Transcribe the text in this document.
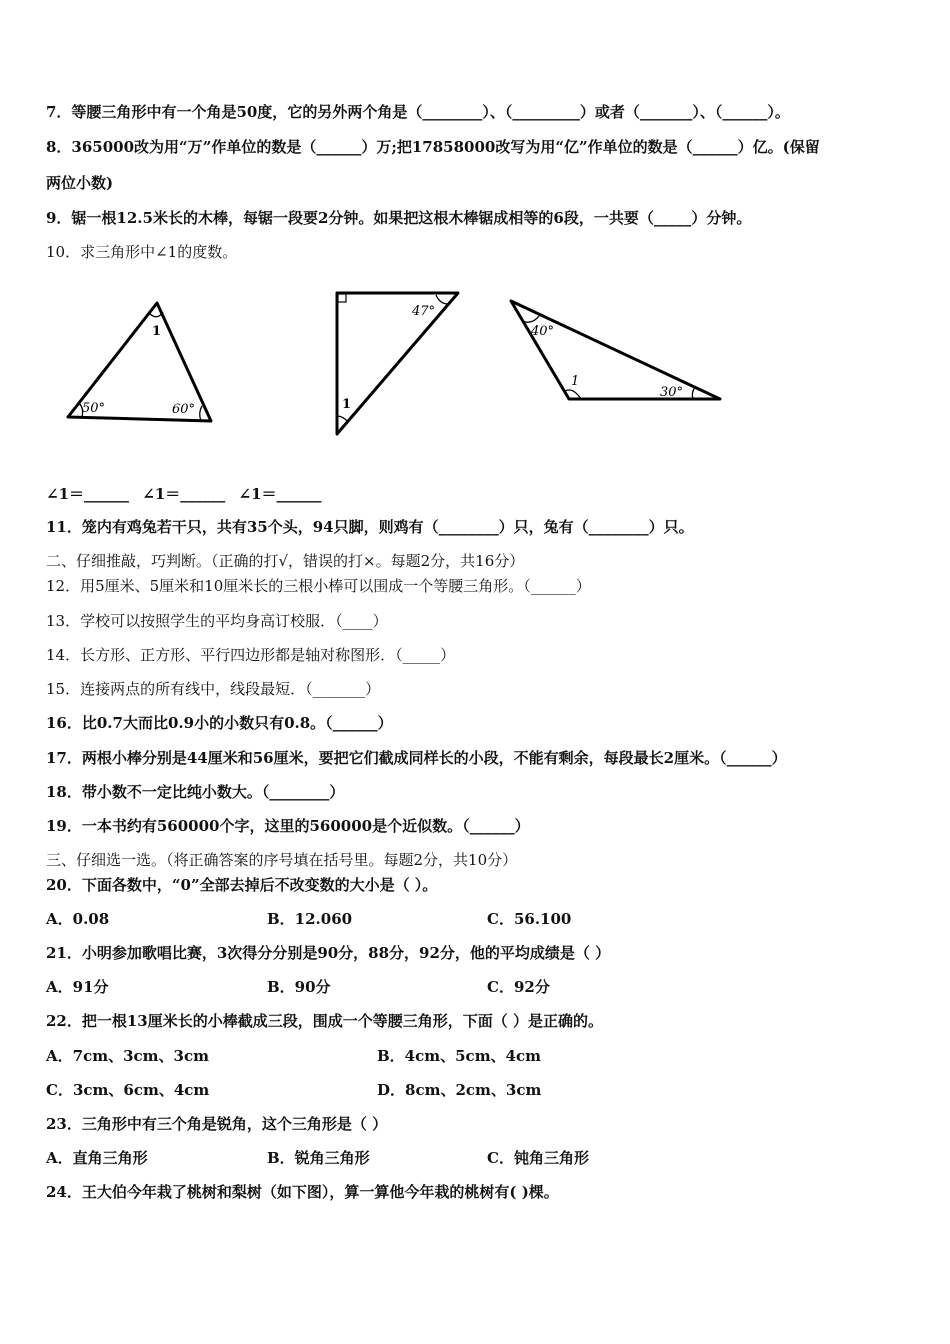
7．等腰三角形中有一个角是50度，它的另外两个角是（________）、（_________）或者（_______）、（______）。
8．365000改为用“万”作单位的数是（______）万;把17858000改写为用“亿”作单位的数是（______）亿。(保留
两位小数)
9．锯一根12.5米长的木棒，每锯一段要2分钟。如果把这根木棒锯成相等的6段，一共要（_____）分钟。
10．求三角形中∠1的度数。
1
50°	60°
47°
1
40°
1
30°
∠1＝______ ∠1＝______ ∠1＝______
11．笼内有鸡兔若干只，共有35个头，94只脚，则鸡有（________）只，兔有（________）只。
二、仔细推敲，巧判断。（正确的打√，错误的打×。每题2分，共16分）
12．用5厘米、5厘米和10厘米长的三根小棒可以围成一个等腰三角形。（______）
13．学校可以按照学生的平均身高订校服．（____）
14．长方形、正方形、平行四边形都是轴对称图形．（_____）
15．连接两点的所有线中，线段最短．（_______）
16．比0.7大而比0.9小的小数只有0.8。（______）
17．两根小棒分别是44厘米和56厘米，要把它们截成同样长的小段，不能有剩余，每段最长2厘米。（______）
18．带小数不一定比纯小数大。（________）
19．一本书约有560000个字，这里的560000是个近似数。（______）
三、仔细选一选。（将正确答案的序号填在括号里。每题2分，共10分）
20．下面各数中，“0”全部去掉后不改变数的大小是（ ）。
A．0.08	B．12.060	C．56.100
21．小明参加歌唱比赛，3次得分分别是90分，88分，92分，他的平均成绩是（ ）
A．91分	B．90分	C．92分
22．把一根13厘米长的小棒截成三段，围成一个等腰三角形，下面（ ）是正确的。
A．7cm、3cm、3cm	B．4cm、5cm、4cm
C．3cm、6cm、4cm	D．8cm、2cm、3cm
23．三角形中有三个角是锐角，这个三角形是（ ）
A．直角三角形	B．锐角三角形	C．钝角三角形
24．王大伯今年栽了桃树和梨树（如下图），算一算他今年栽的桃树有( )棵。
